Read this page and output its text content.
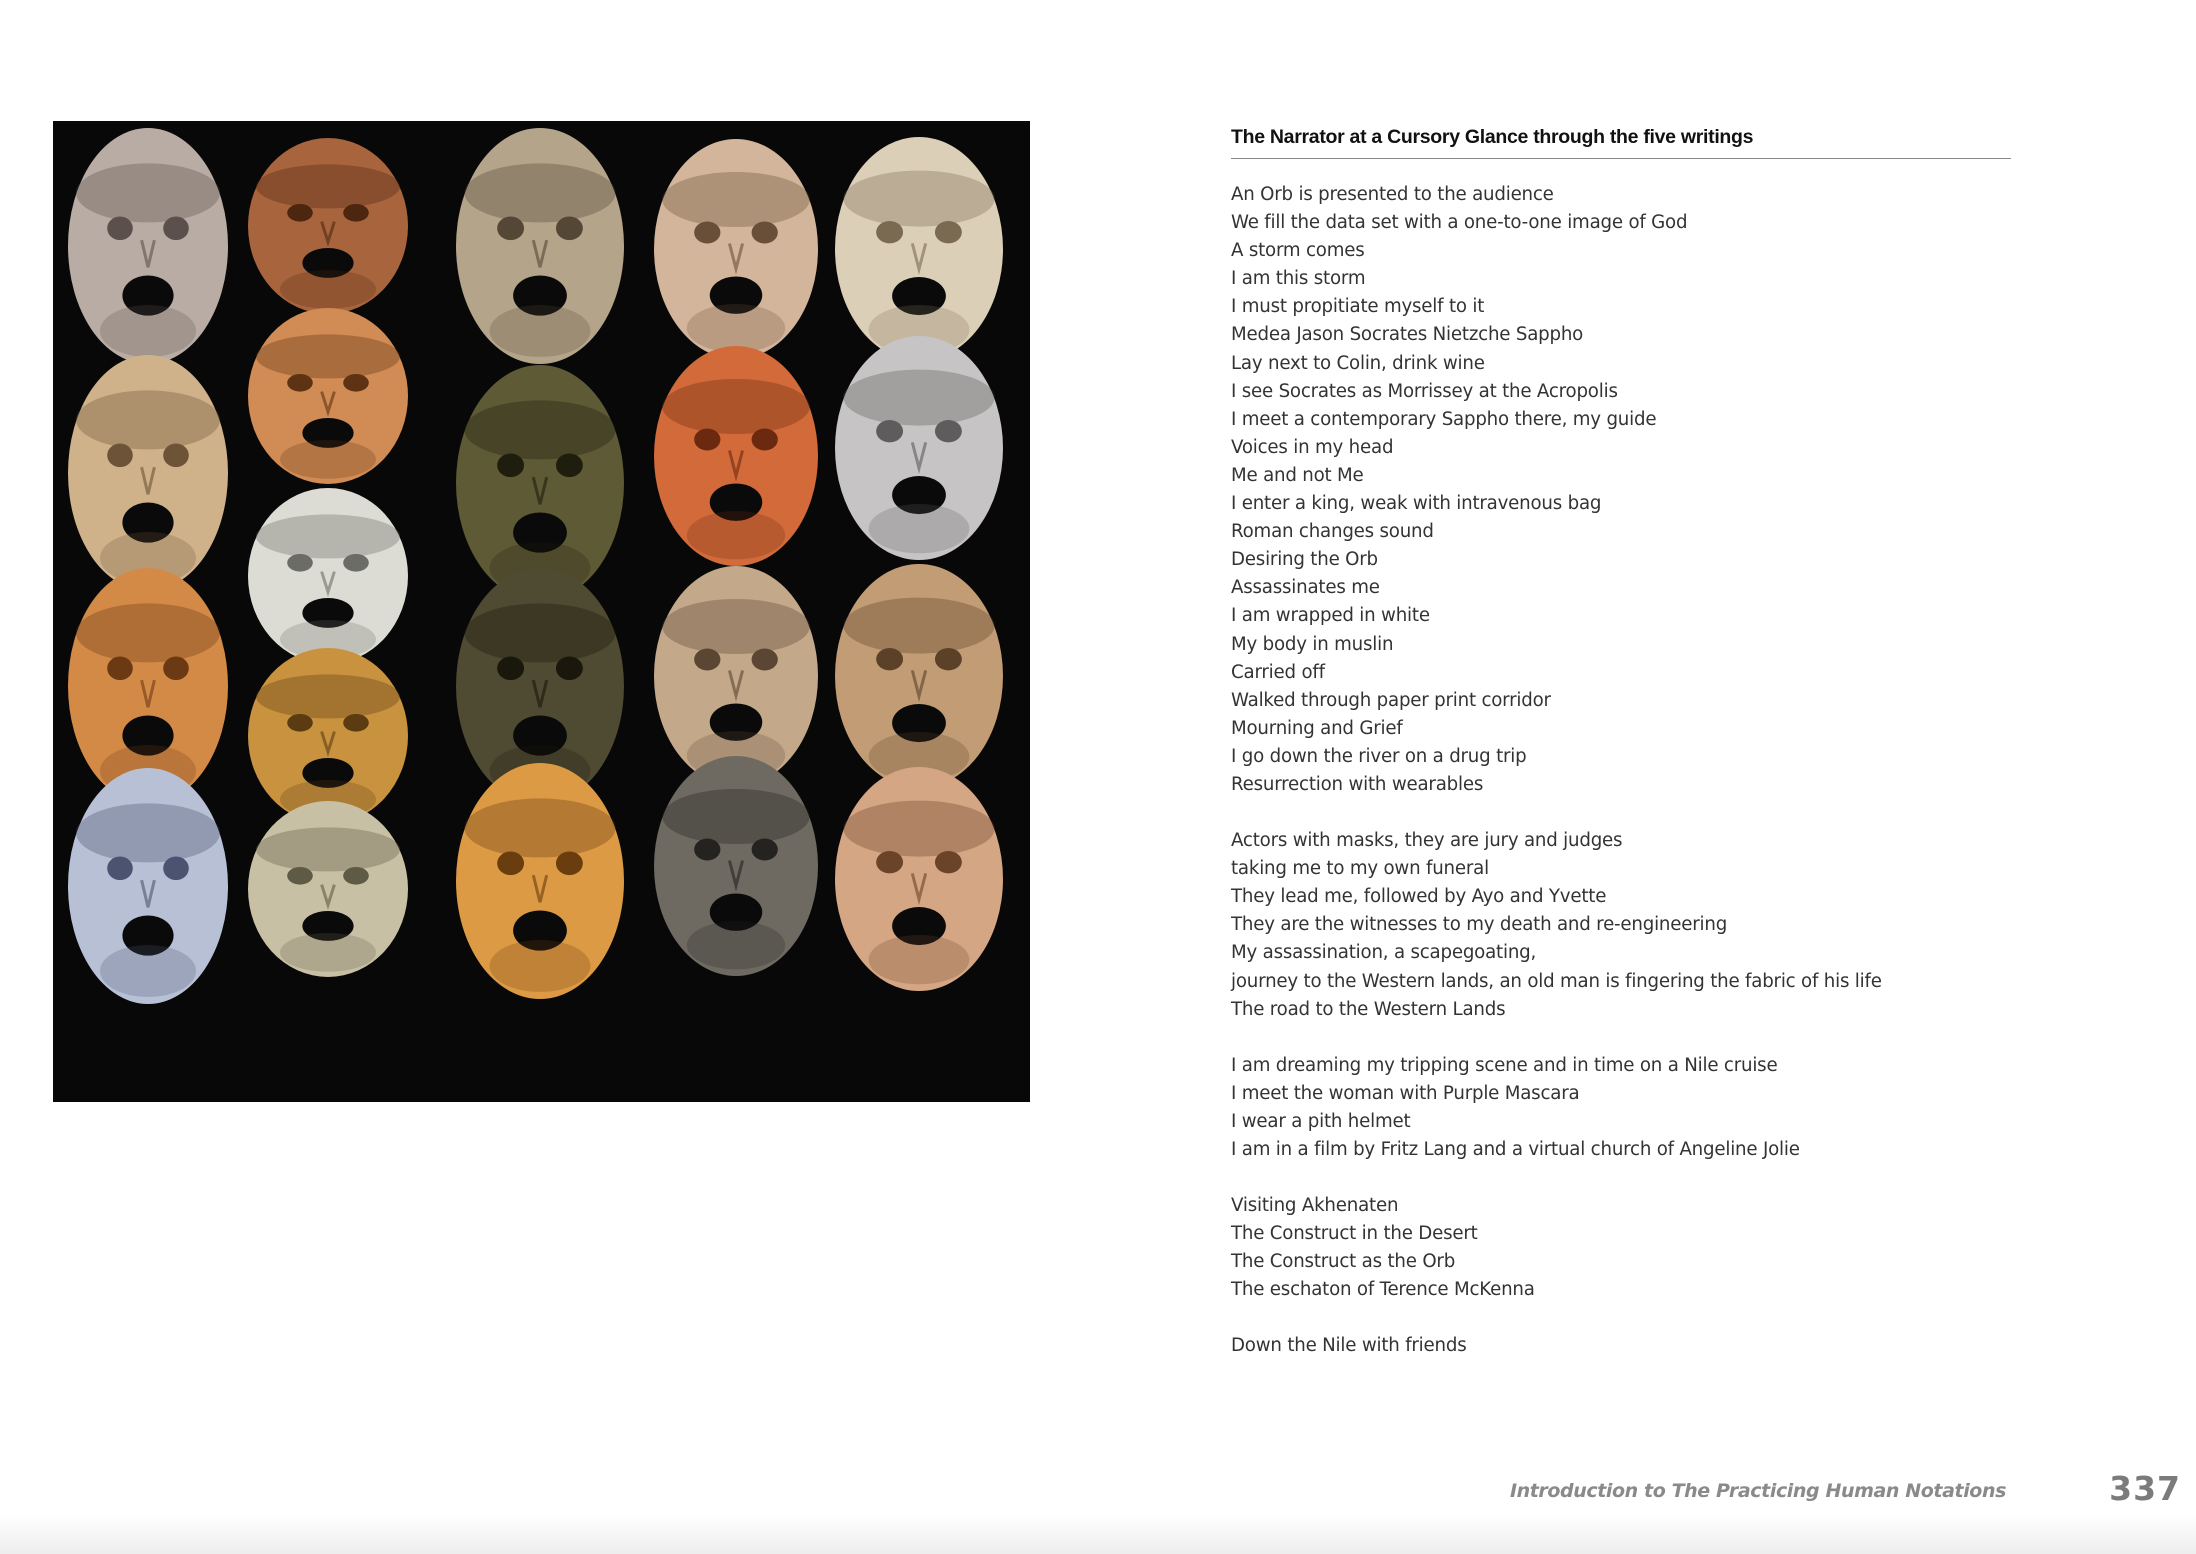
The Narrator at a Cursory Glance through the five writings
An Orb is presented to the audience
We fill the data set with a one-to-one image of God
A storm comes
I am this storm
I must propitiate myself to it
Medea Jason Socrates Nietzche Sappho
Lay next to Colin, drink wine
I see Socrates as Morrissey at the Acropolis
I meet a contemporary Sappho there, my guide
Voices in my head
Me and not Me
I enter a king, weak with intravenous bag
Roman changes sound
Desiring the Orb
Assassinates me
I am wrapped in white
My body in muslin
Carried off
Walked through paper print corridor
Mourning and Grief
I go down the river on a drug trip
Resurrection with wearables
Actors with masks, they are jury and judges
taking me to my own funeral
They lead me, followed by Ayo and Yvette
They are the witnesses to my death and re-engineering
My assassination, a scapegoating,
journey to the Western lands, an old man is fingering the fabric of his life
The road to the Western Lands
I am dreaming my tripping scene and in time on a Nile cruise
I meet the woman with Purple Mascara
I wear a pith helmet
I am in a film by Fritz Lang and a virtual church of Angeline Jolie
Visiting Akhenaten
The Construct in the Desert
The Construct as the Orb
The eschaton of Terence McKenna
Down the Nile with friends
Introduction to The Practicing Human Notations	337
